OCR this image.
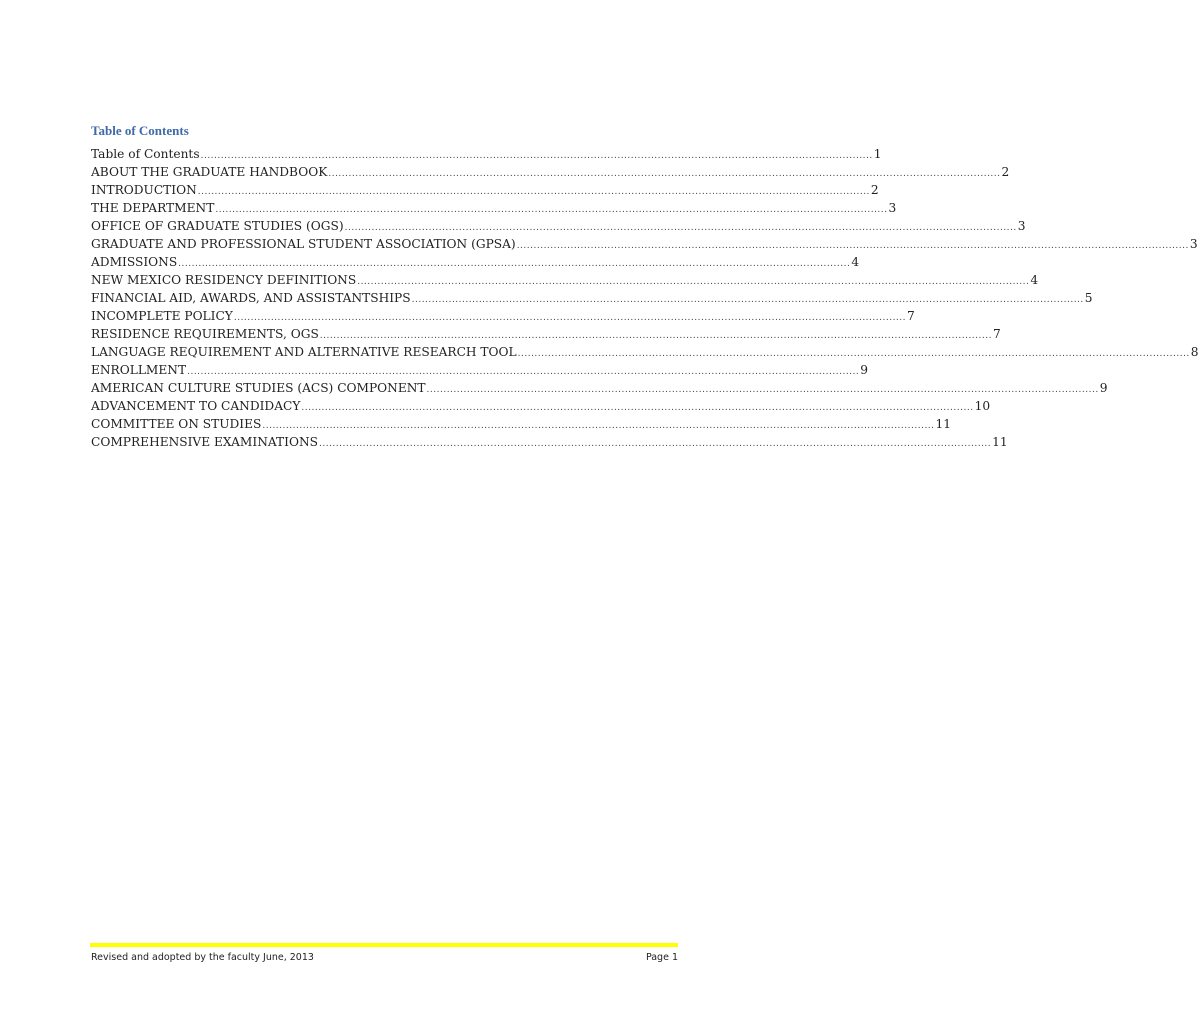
Table of Contents
Table of Contents ........................................................................................................................................................................................................ 1
ABOUT THE GRADUATE HANDBOOK ........................................................................................................................................................................................................ 2
INTRODUCTION ........................................................................................................................................................................................................ 2
THE DEPARTMENT ........................................................................................................................................................................................................ 3
OFFICE OF GRADUATE STUDIES (OGS) ........................................................................................................................................................................................................ 3
GRADUATE AND PROFESSIONAL STUDENT ASSOCIATION (GPSA) ........................................................................................................................................................................................................ 3
ADMISSIONS ........................................................................................................................................................................................................ 4
NEW MEXICO RESIDENCY DEFINITIONS ........................................................................................................................................................................................................ 4
FINANCIAL AID, AWARDS, AND ASSISTANTSHIPS ........................................................................................................................................................................................................ 5
INCOMPLETE POLICY ........................................................................................................................................................................................................ 7
RESIDENCE REQUIREMENTS, OGS ........................................................................................................................................................................................................ 7
LANGUAGE REQUIREMENT AND ALTERNATIVE RESEARCH TOOL ........................................................................................................................................................................................................ 8
ENROLLMENT ........................................................................................................................................................................................................ 9
AMERICAN CULTURE STUDIES (ACS) COMPONENT ........................................................................................................................................................................................................ 9
ADVANCEMENT TO CANDIDACY ........................................................................................................................................................................................................ 10
COMMITTEE ON STUDIES ........................................................................................................................................................................................................ 11
COMPREHENSIVE EXAMINATIONS ........................................................................................................................................................................................................ 11
Revised and adopted by the faculty June, 2013	Page 1
